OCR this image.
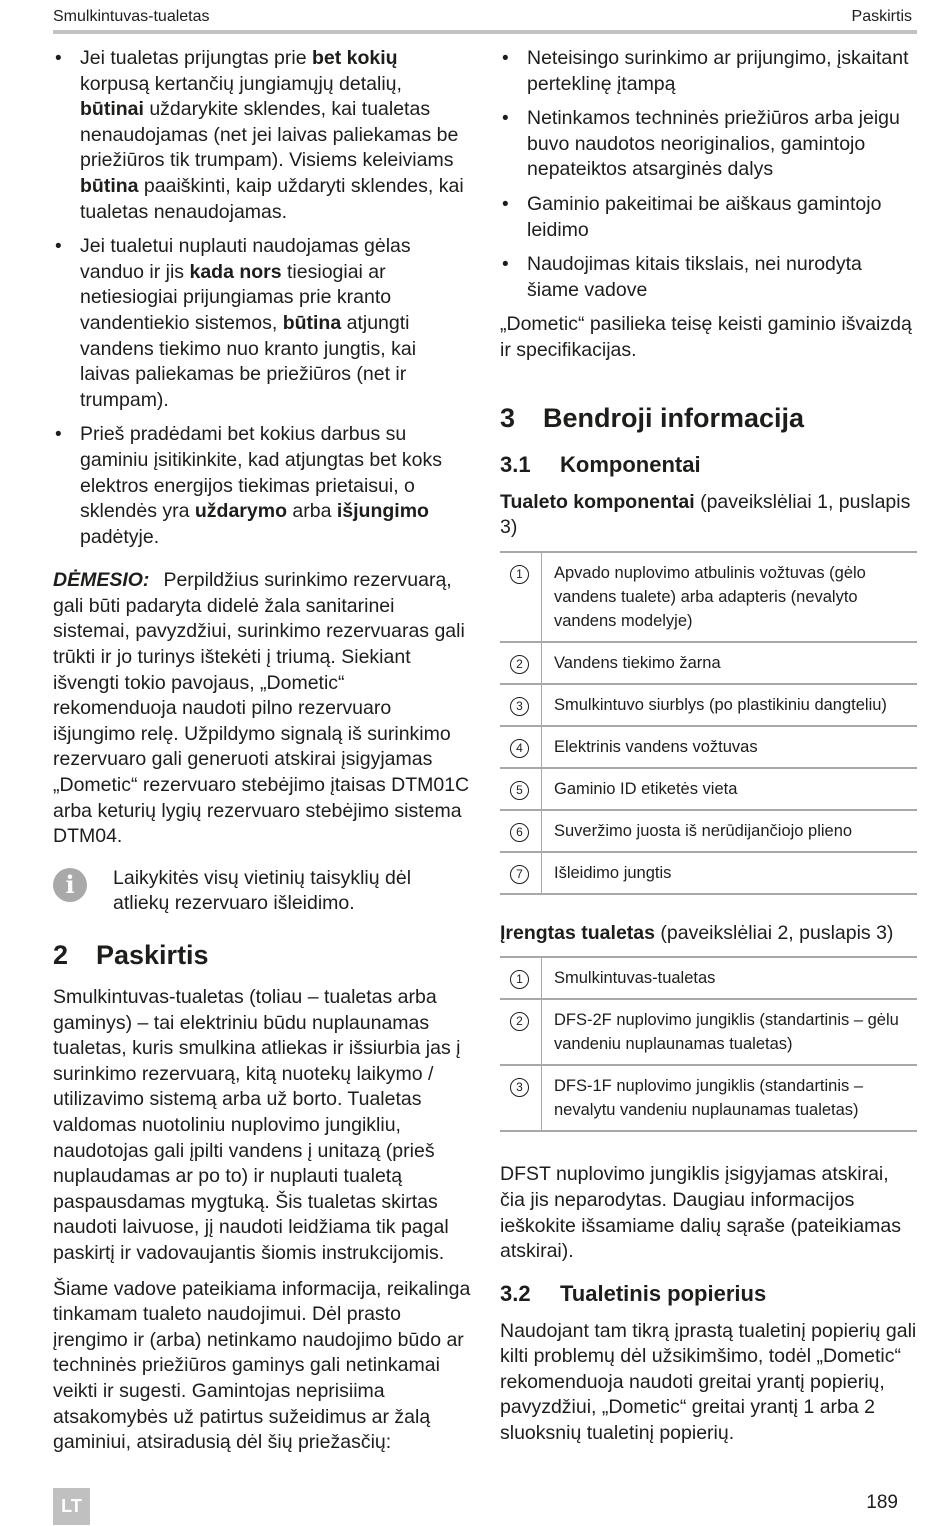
Smulkintuvas-tualetas	Paskirtis
• Jei tualetas prijungtas prie bet kokių korpusą kertančių jungiamųjų detalių, būtinai uždarykite sklendes, kai tualetas nenaudojamas (net jei laivas paliekamas be priežiūros tik trumpam). Visiems keleiviams būtina paaiškinti, kaip uždaryti sklendes, kai tualetas nenaudojamas.
• Jei tualetui nuplauti naudojamas gėlas vanduo ir jis kada nors tiesiogiai ar netiesiogiai prijungiamas prie kranto vandentiekio sistemos, būtina atjungti vandens tiekimo nuo kranto jungtis, kai laivas paliekamas be priežiūros (net ir trumpam).
• Prieš pradėdami bet kokius darbus su gaminiu įsitikinkite, kad atjungtas bet koks elektros energijos tiekimas prietaisui, o sklendės yra uždarymo arba išjungimo padėtyje.

DĖMESIO: Perpildžius surinkimo rezervuarą, gali būti padaryta didelė žala sanitarinei sistemai, pavyzdžiui, surinkimo rezervuaras gali trūkti ir jo turinys ištekėti į triumą. Siekiant išvengti tokio pavojaus, „Dometic“ rekomenduoja naudoti pilno rezervuaro išjungimo relę. Užpildymo signalą iš surinkimo rezervuaro gali generuoti atskirai įsigyjamas „Dometic“ rezervuaro stebėjimo įtaisas DTM01C arba keturių lygių rezervuaro stebėjimo sistema DTM04.

i	Laikykitės visų vietinių taisyklių dėl atliekų rezervuaro išleidimo.
2 Paskirtis

Smulkintuvas-tualetas (toliau – tualetas arba gaminys) – tai elektriniu būdu nuplaunamas tualetas, kuris smulkina atliekas ir išsiurbia jas į surinkimo rezervuarą, kitą nuotekų laikymo / utilizavimo sistemą arba už borto. Tualetas valdomas nuotoliniu nuplovimo jungikliu, naudotojas gali įpilti vandens į unitazą (prieš nuplaudamas ar po to) ir nuplauti tualetą paspausdamas mygtuką. Šis tualetas skirtas naudoti laivuose, jį naudoti leidžiama tik pagal paskirtį ir vadovaujantis šiomis instrukcijomis.

Šiame vadove pateikiama informacija, reikalinga tinkamam tualeto naudojimui. Dėl prasto įrengimo ir (arba) netinkamo naudojimo būdo ar techninės priežiūros gaminys gali netinkamai veikti ir sugesti. Gamintojas neprisiima atsakomybės už patirtus sužeidimus ar žalą gaminiui, atsiradusią dėl šių priežasčių:

• Neteisingo surinkimo ar prijungimo, įskaitant perteklinę įtampą
• Netinkamos techninės priežiūros arba jeigu buvo naudotos neoriginalios, gamintojo nepateiktos atsarginės dalys
• Gaminio pakeitimai be aiškaus gamintojo leidimo
• Naudojimas kitais tikslais, nei nurodyta šiame vadove

„Dometic“ pasilieka teisę keisti gaminio išvaizdą ir specifikacijas.

3 Bendroji informacija
3.1 Komponentai

Tualeto komponentai (paveikslėliai 1, puslapis 3)

1	Apvado nuplovimo atbulinis vožtuvas (gėlo vandens tualete) arba adapteris (nevalyto vandens modelyje)
2	Vandens tiekimo žarna
3	Smulkintuvo siurblys (po plastikiniu dangteliu)
4	Elektrinis vandens vožtuvas
5	Gaminio ID etiketės vieta
6	Suveržimo juosta iš nerūdijančiojo plieno
7	Išleidimo jungtis

Įrengtas tualetas (paveikslėliai 2, puslapis 3)

1	Smulkintuvas-tualetas
2	DFS-2F nuplovimo jungiklis (standartinis – gėlu vandeniu nuplaunamas tualetas)
3	DFS-1F nuplovimo jungiklis (standartinis – nevalytu vandeniu nuplaunamas tualetas)

DFST nuplovimo jungiklis įsigyjamas atskirai, čia jis neparodytas. Daugiau informacijos ieškokite išsamiame dalių sąraše (pateikiamas atskirai).

3.2 Tualetinis popierius

Naudojant tam tikrą įprastą tualetinį popierių gali kilti problemų dėl užsikimšimo, todėl „Dometic“ rekomenduoja naudoti greitai yrantį popierių, pavyzdžiui, „Dometic“ greitai yrantį 1 arba 2 sluoksnių tualetinį popierių.

LT	189
